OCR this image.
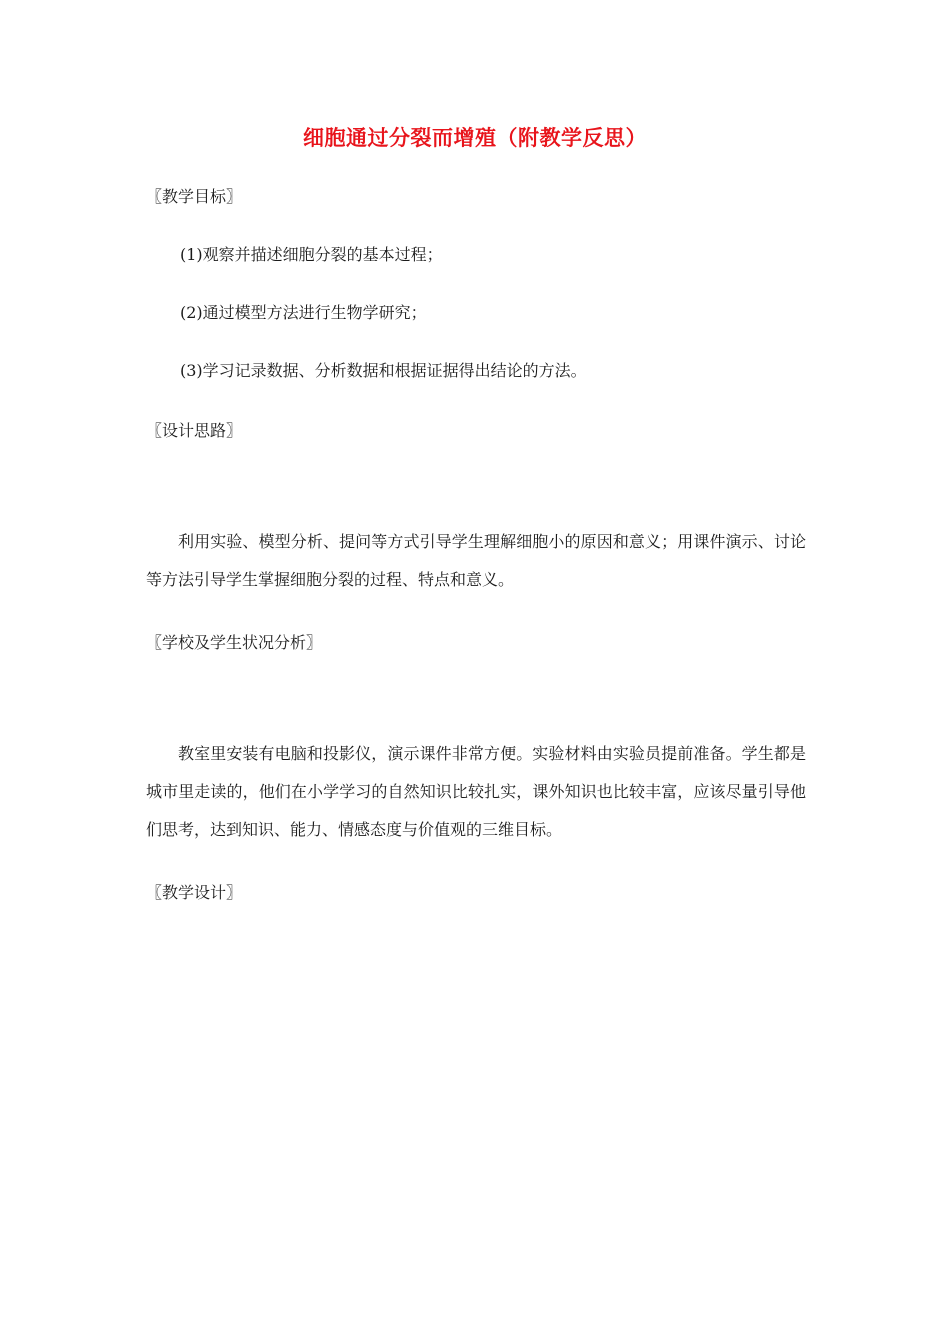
细胞通过分裂而增殖（附教学反思）

〖教学目标〗

(1)观察并描述细胞分裂的基本过程；

(2)通过模型方法进行生物学研究；

(3)学习记录数据、分析数据和根据证据得出结论的方法。

〖设计思路〗

利用实验、模型分析、提问等方式引导学生理解细胞小的原因和意义；用课件演示、讨论等方法引导学生掌握细胞分裂的过程、特点和意义。

〖学校及学生状况分析〗

教室里安装有电脑和投影仪，演示课件非常方便。实验材料由实验员提前准备。学生都是城市里走读的，他们在小学学习的自然知识比较扎实，课外知识也比较丰富，应该尽量引导他们思考，达到知识、能力、情感态度与价值观的三维目标。

〖教学设计〗
